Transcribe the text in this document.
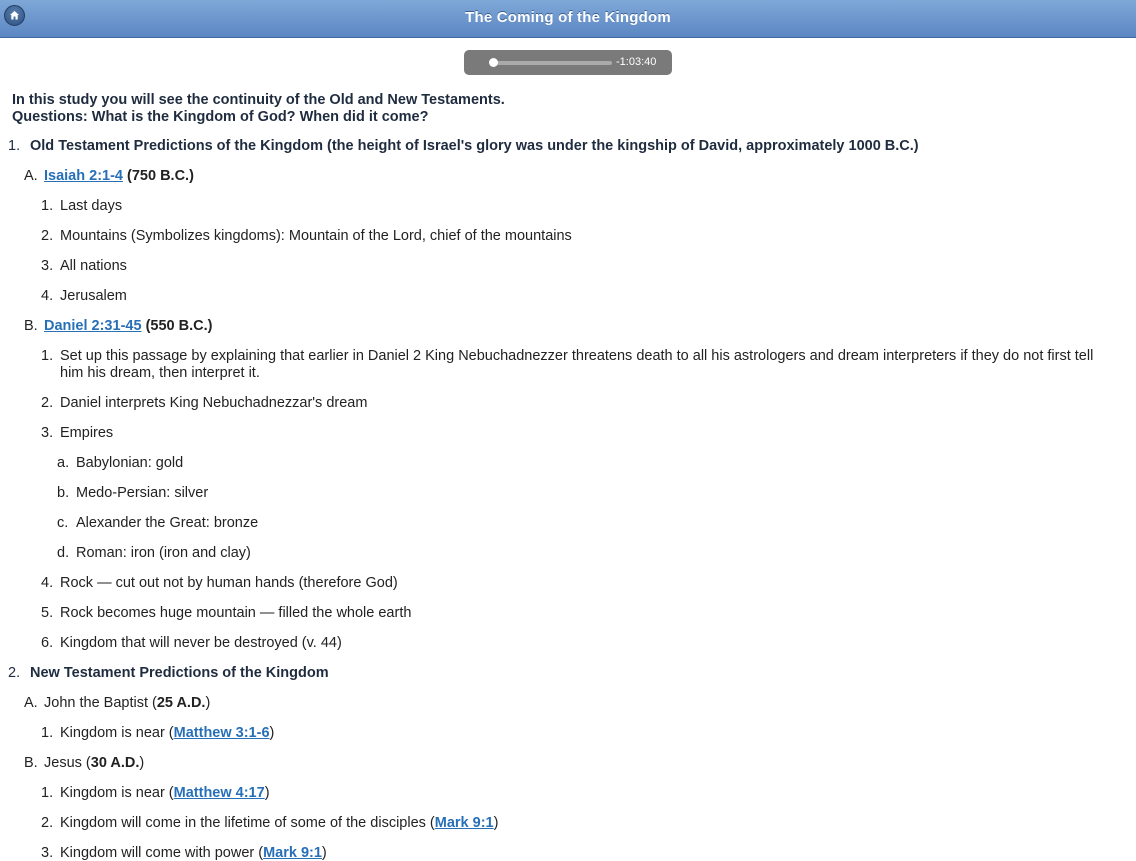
The Coming of the Kingdom
-1:03:40
In this study you will see the continuity of the Old and New Testaments.
Questions: What is the Kingdom of God? When did it come?
1. Old Testament Predictions of the Kingdom (the height of Israel's glory was under the kingship of David, approximately 1000 B.C.)
A. Isaiah 2:1-4 (750 B.C.)
1. Last days
2. Mountains (Symbolizes kingdoms): Mountain of the Lord, chief of the mountains
3. All nations
4. Jerusalem
B. Daniel 2:31-45 (550 B.C.)
1. Set up this passage by explaining that earlier in Daniel 2 King Nebuchadnezzer threatens death to all his astrologers and dream interpreters if they do not first tell him his dream, then interpret it.
2. Daniel interprets King Nebuchadnezzar's dream
3. Empires
a. Babylonian: gold
b. Medo-Persian: silver
c. Alexander the Great: bronze
d. Roman: iron (iron and clay)
4. Rock — cut out not by human hands (therefore God)
5. Rock becomes huge mountain — filled the whole earth
6. Kingdom that will never be destroyed (v. 44)
2. New Testament Predictions of the Kingdom
A. John the Baptist (25 A.D.)
1. Kingdom is near (Matthew 3:1-6)
B. Jesus (30 A.D.)
1. Kingdom is near (Matthew 4:17)
2. Kingdom will come in the lifetime of some of the disciples (Mark 9:1)
3. Kingdom will come with power (Mark 9:1)
